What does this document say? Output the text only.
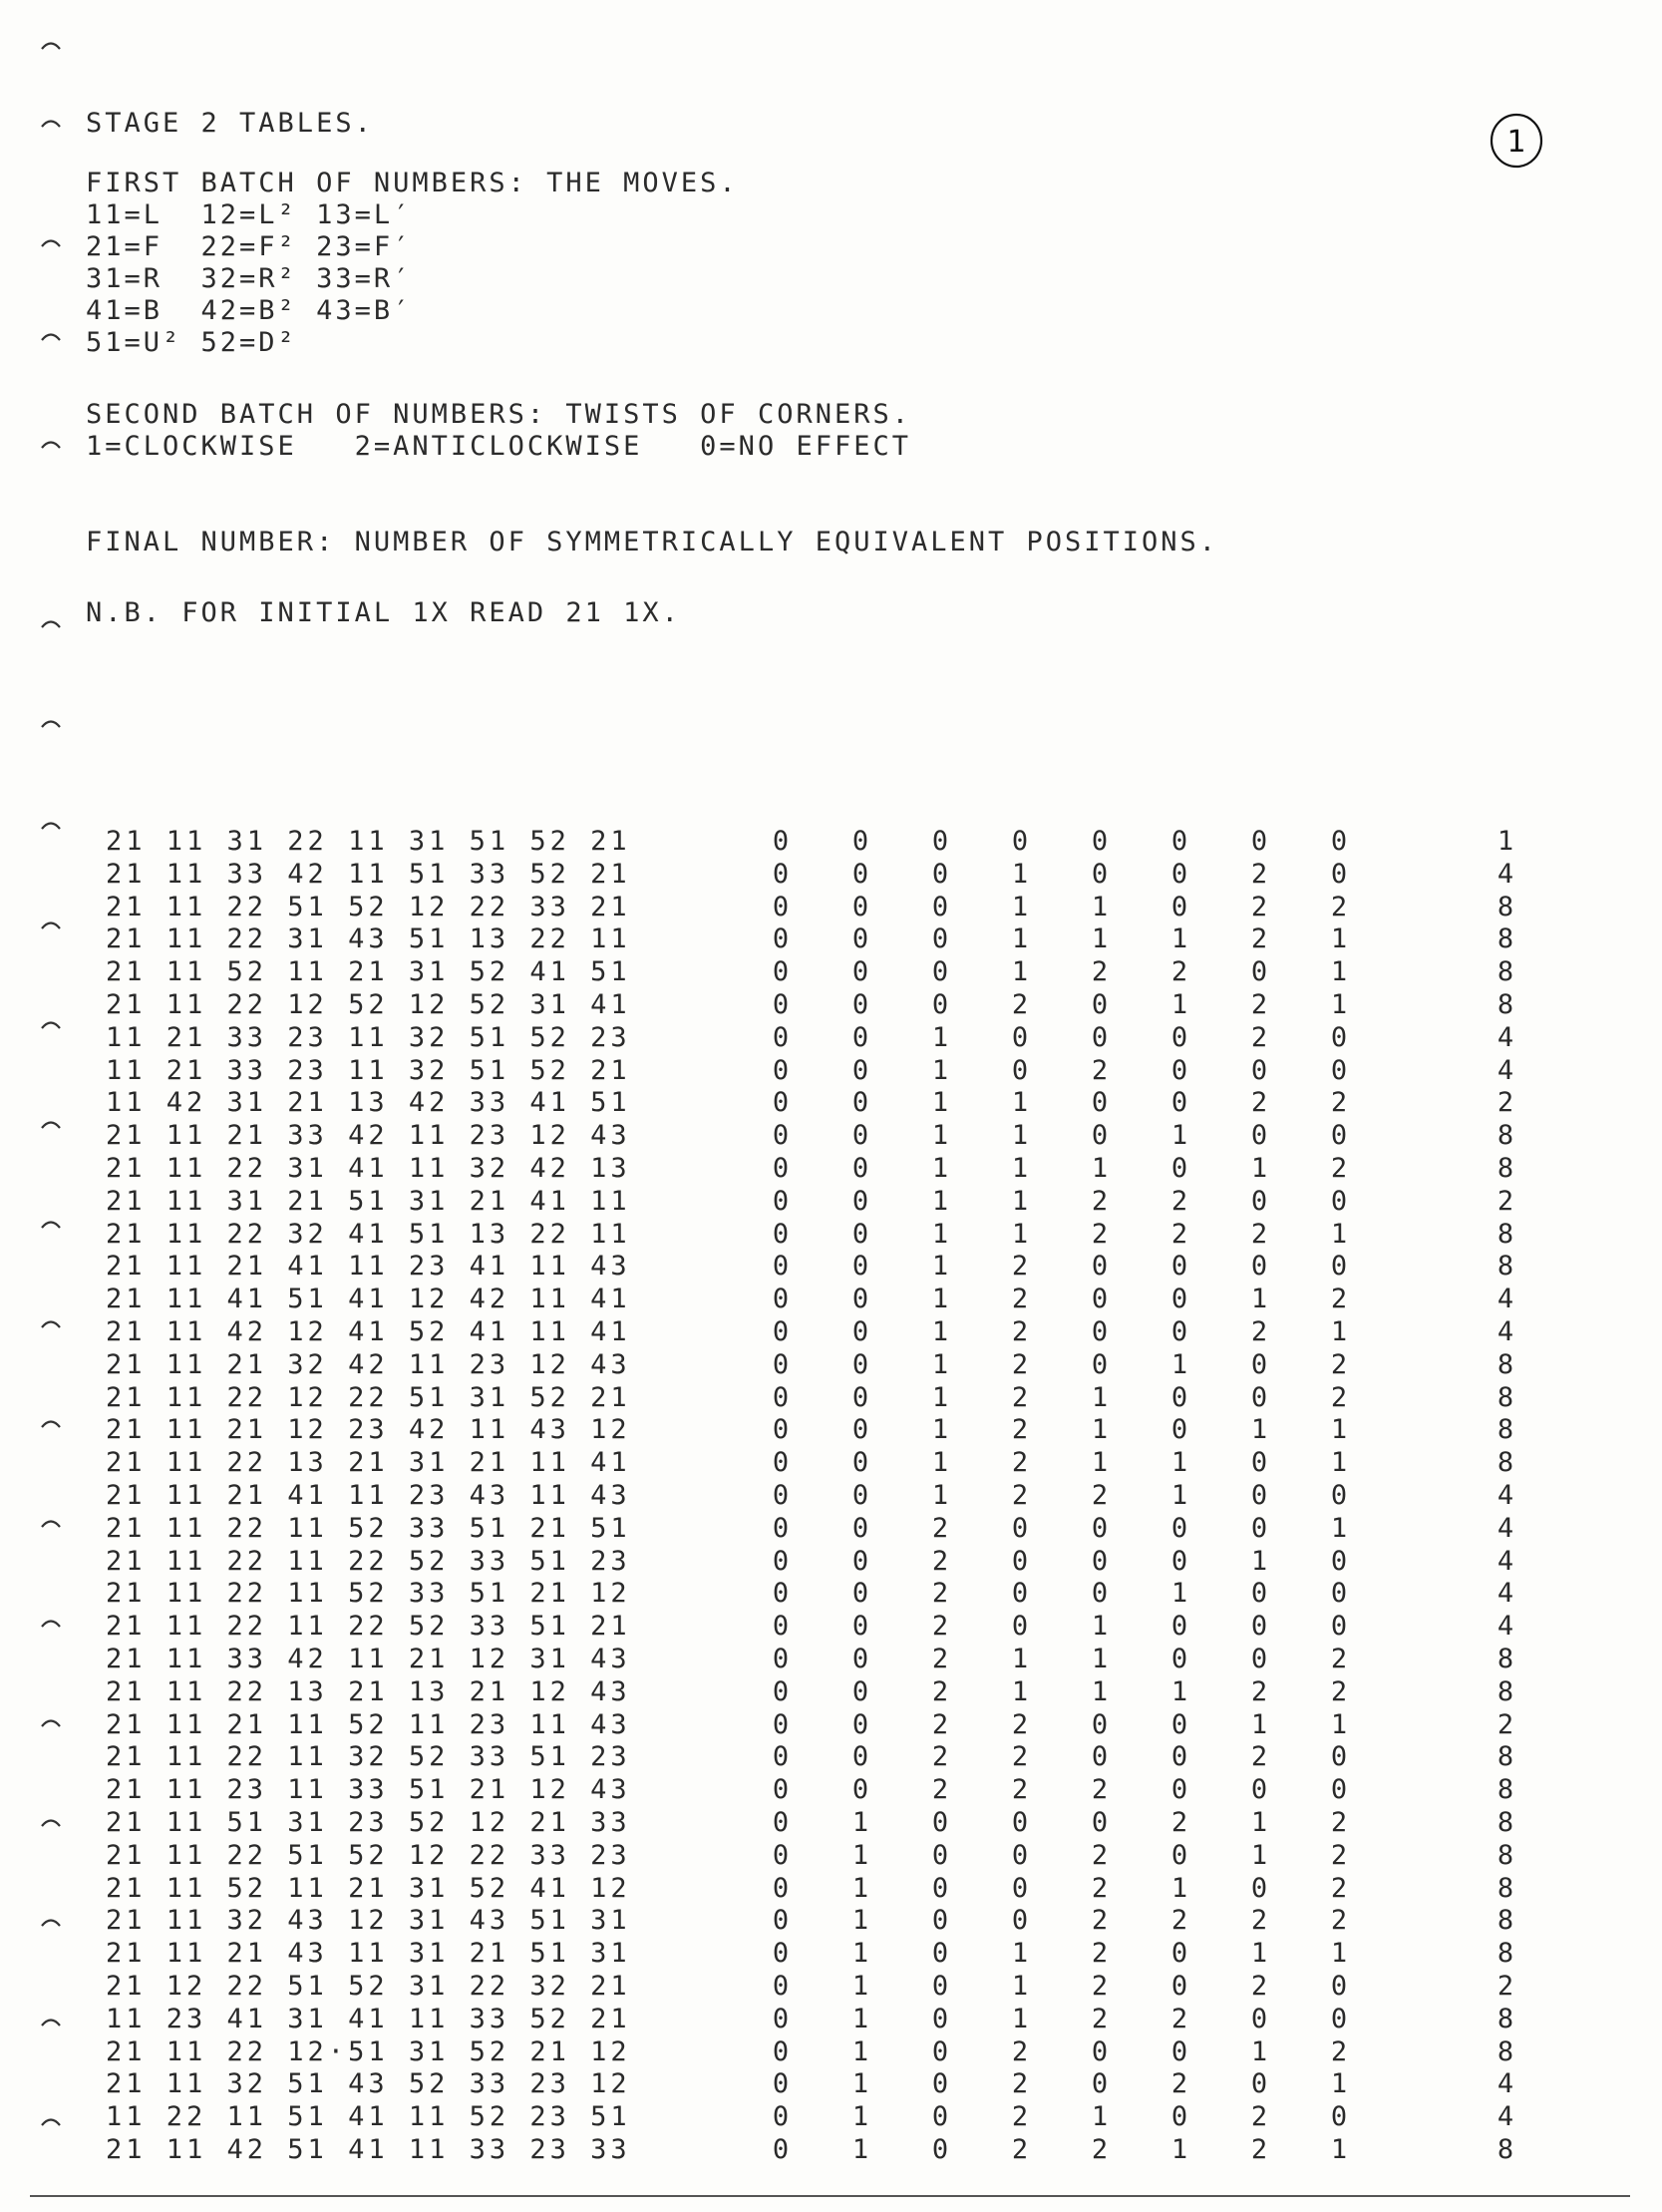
1
STAGE 2 TABLES.
FIRST BATCH OF NUMBERS: THE MOVES.
11=L  12=L² 13=L′
21=F  22=F² 23=F′
31=R  32=R² 33=R′
41=B  42=B² 43=B′
51=U² 52=D²
SECOND BATCH OF NUMBERS: TWISTS OF CORNERS.
1=CLOCKWISE   2=ANTICLOCKWISE   0=NO EFFECT
FINAL NUMBER: NUMBER OF SYMMETRICALLY EQUIVALENT POSITIONS.
N.B. FOR INITIAL 1X READ 21 1X.
21 11 31 22 11 31 51 52 21	0	0	0	0	0	0	0	0	1
21 11 33 42 11 51 33 52 21	0	0	0	1	0	0	2	0	4
21 11 22 51 52 12 22 33 21	0	0	0	1	1	0	2	2	8
21 11 22 31 43 51 13 22 11	0	0	0	1	1	1	2	1	8
21 11 52 11 21 31 52 41 51	0	0	0	1	2	2	0	1	8
21 11 22 12 52 12 52 31 41	0	0	0	2	0	1	2	1	8
11 21 33 23 11 32 51 52 23	0	0	1	0	0	0	2	0	4
11 21 33 23 11 32 51 52 21	0	0	1	0	2	0	0	0	4
11 42 31 21 13 42 33 41 51	0	0	1	1	0	0	2	2	2
21 11 21 33 42 11 23 12 43	0	0	1	1	0	1	0	0	8
21 11 22 31 41 11 32 42 13	0	0	1	1	1	0	1	2	8
21 11 31 21 51 31 21 41 11	0	0	1	1	2	2	0	0	2
21 11 22 32 41 51 13 22 11	0	0	1	1	2	2	2	1	8
21 11 21 41 11 23 41 11 43	0	0	1	2	0	0	0	0	8
21 11 41 51 41 12 42 11 41	0	0	1	2	0	0	1	2	4
21 11 42 12 41 52 41 11 41	0	0	1	2	0	0	2	1	4
21 11 21 32 42 11 23 12 43	0	0	1	2	0	1	0	2	8
21 11 22 12 22 51 31 52 21	0	0	1	2	1	0	0	2	8
21 11 21 12 23 42 11 43 12	0	0	1	2	1	0	1	1	8
21 11 22 13 21 31 21 11 41	0	0	1	2	1	1	0	1	8
21 11 21 41 11 23 43 11 43	0	0	1	2	2	1	0	0	4
21 11 22 11 52 33 51 21 51	0	0	2	0	0	0	0	1	4
21 11 22 11 22 52 33 51 23	0	0	2	0	0	0	1	0	4
21 11 22 11 52 33 51 21 12	0	0	2	0	0	1	0	0	4
21 11 22 11 22 52 33 51 21	0	0	2	0	1	0	0	0	4
21 11 33 42 11 21 12 31 43	0	0	2	1	1	0	0	2	8
21 11 22 13 21 13 21 12 43	0	0	2	1	1	1	2	2	8
21 11 21 11 52 11 23 11 43	0	0	2	2	0	0	1	1	2
21 11 22 11 32 52 33 51 23	0	0	2	2	0	0	2	0	8
21 11 23 11 33 51 21 12 43	0	0	2	2	2	0	0	0	8
21 11 51 31 23 52 12 21 33	0	1	0	0	0	2	1	2	8
21 11 22 51 52 12 22 33 23	0	1	0	0	2	0	1	2	8
21 11 52 11 21 31 52 41 12	0	1	0	0	2	1	0	2	8
21 11 32 43 12 31 43 51 31	0	1	0	0	2	2	2	2	8
21 11 21 43 11 31 21 51 31	0	1	0	1	2	0	1	1	8
21 12 22 51 52 31 22 32 21	0	1	0	1	2	0	2	0	2
11 23 41 31 41 11 33 52 21	0	1	0	1	2	2	0	0	8
21 11 22 12·51 31 52 21 12	0	1	0	2	0	0	1	2	8
21 11 32 51 43 52 33 23 12	0	1	0	2	0	2	0	1	4
11 22 11 51 41 11 52 23 51	0	1	0	2	1	0	2	0	4
21 11 42 51 41 11 33 23 33	0	1	0	2	2	1	2	1	8
